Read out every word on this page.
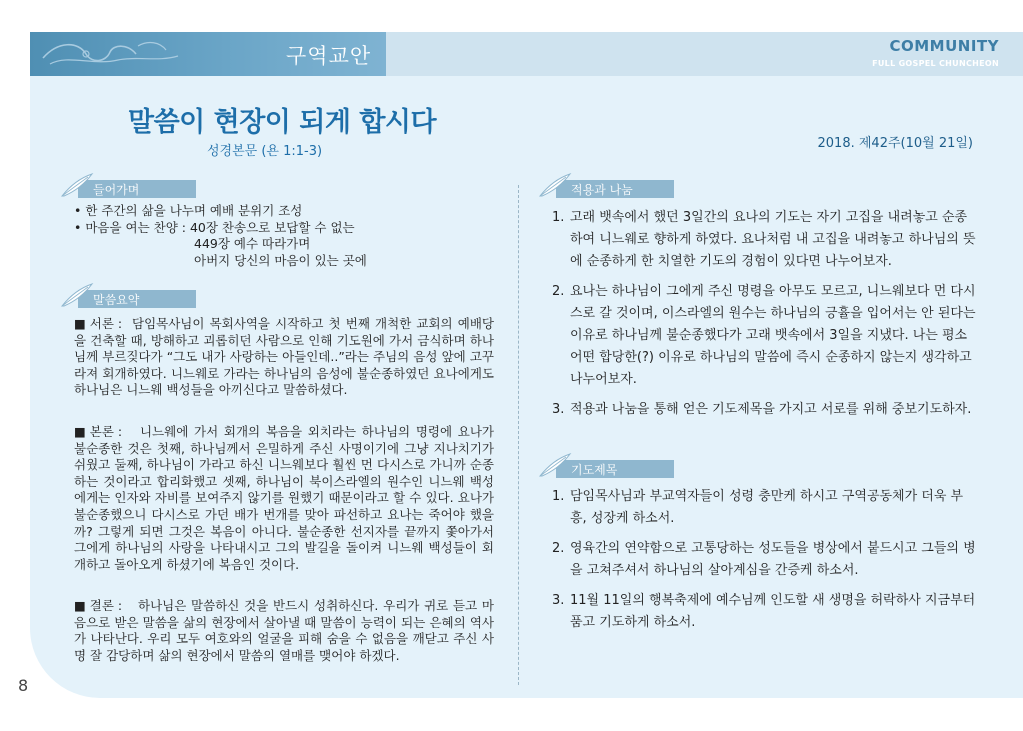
구역교안	COMMUNITY
FULL GOSPEL CHUNCHEON
말씀이 현장이 되게 합시다
성경본문 (욘 1:1-3)
2018. 제42주(10월 21일)
들어가며
• 한 주간의 삶을 나누며 예배 분위기 조성
• 마음을 여는 찬양 : 40장 찬송으로 보답할 수 없는
449장 예수 따라가며
아버지 당신의 마음이 있는 곳에
말씀요약
■ 서론 : 담임목사님이 목회사역을 시작하고 첫 번째 개척한 교회의 예배당을 건축할 때, 방해하고 괴롭히던 사람으로 인해 기도원에 가서 금식하며 하나님께 부르짖다가 “그도 내가 사랑하는 아들인데..”라는 주님의 음성 앞에 고꾸라져 회개하였다. 니느웨로 가라는 하나님의 음성에 불순종하였던 요나에게도 하나님은 니느웨 백성들을 아끼신다고 말씀하셨다.
■ 본론 :	니느웨에 가서 회개의 복음을 외치라는 하나님의 명령에 요나가 불순종한 것은 첫째, 하나님께서 은밀하게 주신 사명이기에 그냥 지나치기가 쉬웠고 둘째, 하나님이 가라고 하신 니느웨보다 훨씬 먼 다시스로 가니까 순종하는 것이라고 합리화했고 셋째, 하나님이 북이스라엘의 원수인 니느웨 백성에게는 인자와 자비를 보여주지 않기를 원했기 때문이라고 할 수 있다. 요나가 불순종했으니 다시스로 가던 배가 번개를 맞아 파선하고 요나는 죽어야 했을까? 그렇게 되면 그것은 복음이 아니다. 불순종한 선지자를 끝까지 쫓아가서 그에게 하나님의 사랑을 나타내시고 그의 발길을 돌이켜 니느웨 백성들이 회개하고 돌아오게 하셨기에 복음인 것이다.
■ 결론 :	하나님은 말씀하신 것을 반드시 성취하신다. 우리가 귀로 듣고 마음으로 받은 말씀을 삶의 현장에서 살아낼 때 말씀이 능력이 되는 은혜의 역사가 나타난다. 우리 모두 여호와의 얼굴을 피해 숨을 수 없음을 깨닫고 주신 사명 잘 감당하며 삶의 현장에서 말씀의 열매를 맺어야 하겠다.
적용과 나눔
1. 고래 뱃속에서 했던 3일간의 요나의 기도는 자기 고집을 내려놓고 순종하여 니느웨로 향하게 하였다. 요나처럼 내 고집을 내려놓고 하나님의 뜻에 순종하게 한 치열한 기도의 경험이 있다면 나누어보자.
2. 요나는 하나님이 그에게 주신 명령을 아무도 모르고, 니느웨보다 먼 다시스로 갈 것이며, 이스라엘의 원수는 하나님의 긍휼을 입어서는 안 된다는 이유로 하나님께 불순종했다가 고래 뱃속에서 3일을 지냈다. 나는 평소 어떤 합당한(?) 이유로 하나님의 말씀에 즉시 순종하지 않는지 생각하고 나누어보자.
3. 적용과 나눔을 통해 얻은 기도제목을 가지고 서로를 위해 중보기도하자.
기도제목
1. 담임목사님과 부교역자들이 성령 충만케 하시고 구역공동체가 더욱 부흥, 성장케 하소서.
2. 영육간의 연약함으로 고통당하는 성도들을 병상에서 붙드시고 그들의 병을 고쳐주셔서 하나님의 살아계심을 간증케 하소서.
3. 11월 11일의 행복축제에 예수님께 인도할 새 생명을 허락하사 지금부터 품고 기도하게 하소서.
8
